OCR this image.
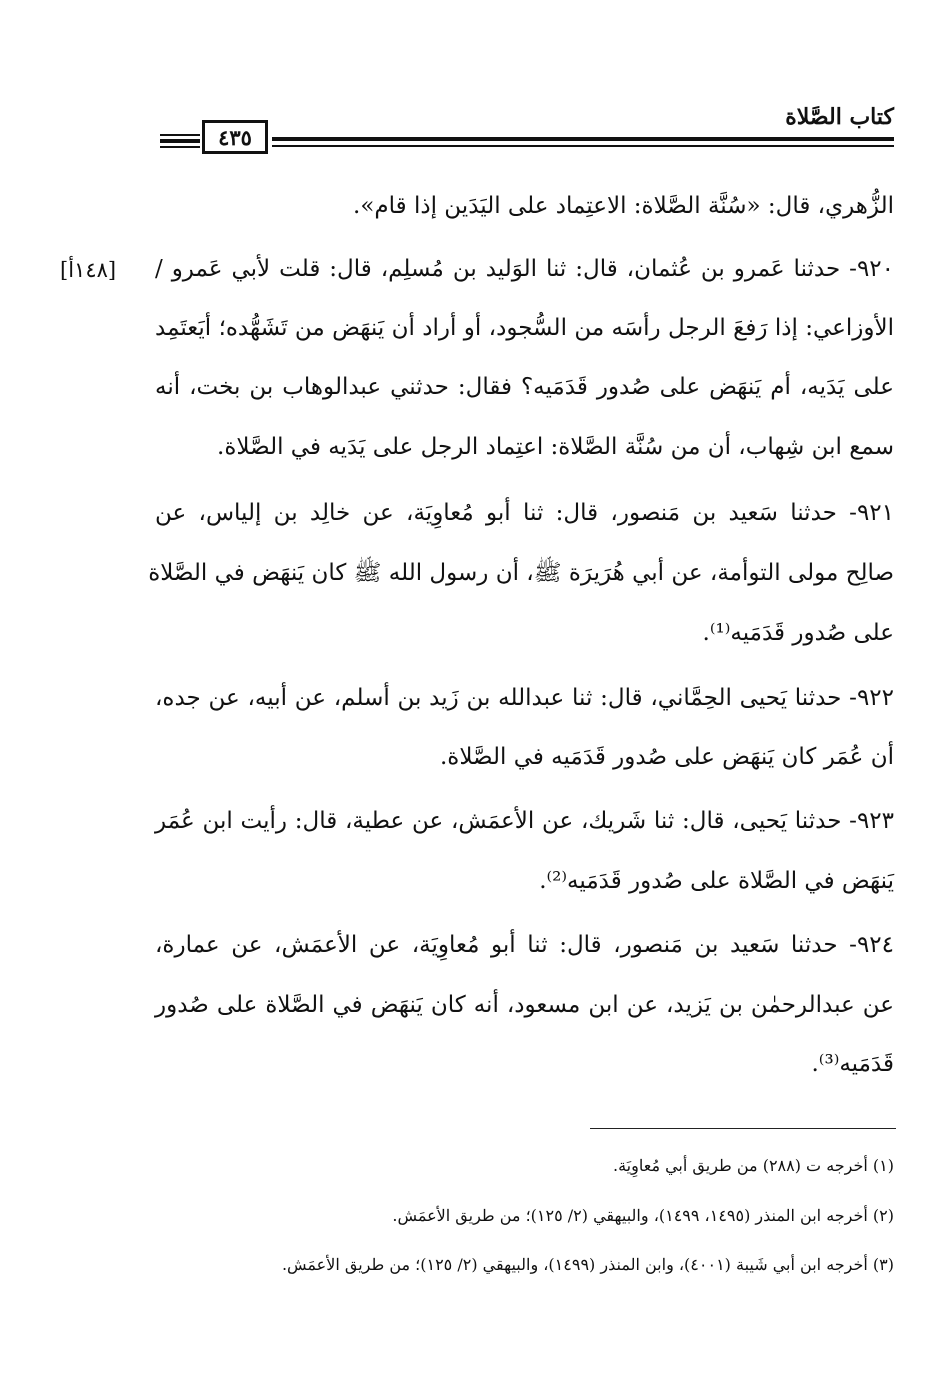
كتاب الصَّلاة
٤٣٥
[١٤٨أ]
الزُّهري، قال: «سُنَّة الصَّلاة: الاعتِماد على اليَدَين إذا قام».
٩٢٠- حدثنا عَمرو بن عُثمان، قال: ثنا الوَليد بن مُسلِم، قال: قلت لأبي عَمرو /
الأوزاعي: إذا رَفعَ الرجل رأسَه من السُّجود، أو أراد أن يَنهَض من تَشَهُّده؛ أيَعتَمِد
على يَدَيه، أم يَنهَض على صُدور قَدَمَيه؟ فقال: حدثني عبدالوهاب بن بخت، أنه
سمع ابن شِهاب، أن من سُنَّة الصَّلاة: اعتِماد الرجل على يَدَيه في الصَّلاة.
٩٢١- حدثنا سَعيد بن مَنصور، قال: ثنا أبو مُعاوِيَة، عن خالِد بن إلياس، عن
صالِح مولى التوأمة، عن أبي هُرَيرَة ﷺ، أن رسول الله ﷺ كان يَنهَض في الصَّلاة
على صُدور قَدَمَيه⁽¹⁾.
٩٢٢- حدثنا يَحيى الحِمَّاني، قال: ثنا عبدالله بن زَيد بن أسلم، عن أبيه، عن جده،
أن عُمَر كان يَنهَض على صُدور قَدَمَيه في الصَّلاة.
٩٢٣- حدثنا يَحيى، قال: ثنا شَريك، عن الأعمَش، عن عطية، قال: رأيت ابن عُمَر
يَنهَض في الصَّلاة على صُدور قَدَمَيه⁽²⁾.
٩٢٤- حدثنا سَعيد بن مَنصور، قال: ثنا أبو مُعاوِيَة، عن الأعمَش، عن عمارة،
عن عبدالرحمٰن بن يَزيد، عن ابن مسعود، أنه كان يَنهَض في الصَّلاة على صُدور
قَدَمَيه⁽³⁾.
(١) أخرجه ت (٢٨٨) من طريق أبي مُعاوِيَة.
(٢) أخرجه ابن المنذر (١٤٩٥، ١٤٩٩)، والبيهقي (٢/ ١٢٥)؛ من طريق الأعمَش.
(٣) أخرجه ابن أبي شَيبة (٤٠٠١)، وابن المنذر (١٤٩٩)، والبيهقي (٢/ ١٢٥)؛ من طريق الأعمَش.
